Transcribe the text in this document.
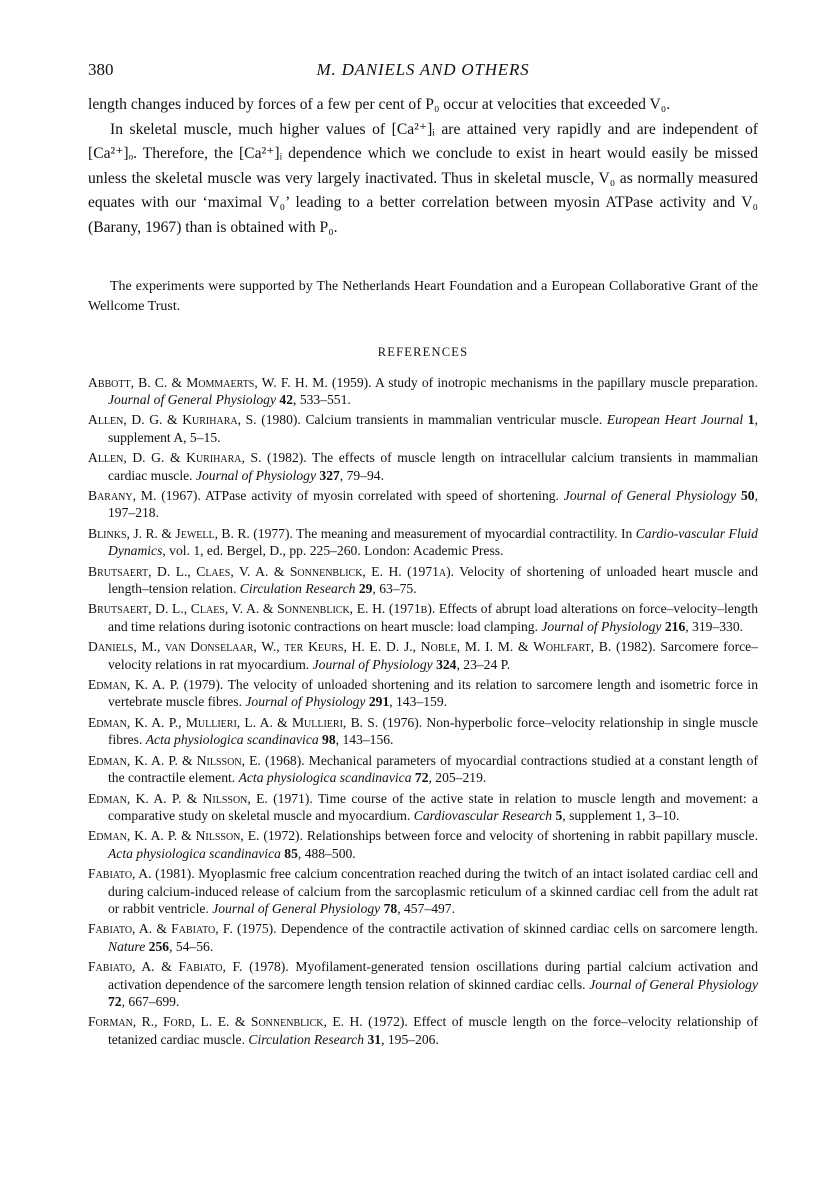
380	M. DANIELS AND OTHERS

length changes induced by forces of a few per cent of P₀ occur at velocities that exceeded V₀.

In skeletal muscle, much higher values of [Ca²⁺]ᵢ are attained very rapidly and are independent of [Ca²⁺]ₒ. Therefore, the [Ca²⁺]ᵢ dependence which we conclude to exist in heart would easily be missed unless the skeletal muscle was very largely inactivated. Thus in skeletal muscle, V₀ as normally measured equates with our ‘maximal V₀’ leading to a better correlation between myosin ATPase activity and V₀ (Barany, 1967) than is obtained with P₀.

The experiments were supported by The Netherlands Heart Foundation and a European Collaborative Grant of the Wellcome Trust.

REFERENCES

Abbott, B. C. & Mommaerts, W. F. H. M. (1959). A study of inotropic mechanisms in the papillary muscle preparation. Journal of General Physiology 42, 533–551.

Allen, D. G. & Kurihara, S. (1980). Calcium transients in mammalian ventricular muscle. European Heart Journal 1, supplement A, 5–15.

Allen, D. G. & Kurihara, S. (1982). The effects of muscle length on intracellular calcium transients in mammalian cardiac muscle. Journal of Physiology 327, 79–94.

Barany, M. (1967). ATPase activity of myosin correlated with speed of shortening. Journal of General Physiology 50, 197–218.

Blinks, J. R. & Jewell, B. R. (1977). The meaning and measurement of myocardial contractility. In Cardio-vascular Fluid Dynamics, vol. 1, ed. Bergel, D., pp. 225–260. London: Academic Press.

Brutsaert, D. L., Claes, V. A. & Sonnenblick, E. H. (1971a). Velocity of shortening of unloaded heart muscle and length–tension relation. Circulation Research 29, 63–75.

Brutsaert, D. L., Claes, V. A. & Sonnenblick, E. H. (1971b). Effects of abrupt load alterations on force–velocity–length and time relations during isotonic contractions on heart muscle: load clamping. Journal of Physiology 216, 319–330.

Daniels, M., van Donselaar, W., ter Keurs, H. E. D. J., Noble, M. I. M. & Wohlfart, B. (1982). Sarcomere force–velocity relations in rat myocardium. Journal of Physiology 324, 23–24 P.

Edman, K. A. P. (1979). The velocity of unloaded shortening and its relation to sarcomere length and isometric force in vertebrate muscle fibres. Journal of Physiology 291, 143–159.

Edman, K. A. P., Mullieri, L. A. & Mullieri, B. S. (1976). Non-hyperbolic force–velocity relationship in single muscle fibres. Acta physiologica scandinavica 98, 143–156.

Edman, K. A. P. & Nilsson, E. (1968). Mechanical parameters of myocardial contractions studied at a constant length of the contractile element. Acta physiologica scandinavica 72, 205–219.

Edman, K. A. P. & Nilsson, E. (1971). Time course of the active state in relation to muscle length and movement: a comparative study on skeletal muscle and myocardium. Cardiovascular Research 5, supplement 1, 3–10.

Edman, K. A. P. & Nilsson, E. (1972). Relationships between force and velocity of shortening in rabbit papillary muscle. Acta physiologica scandinavica 85, 488–500.

Fabiato, A. (1981). Myoplasmic free calcium concentration reached during the twitch of an intact isolated cardiac cell and during calcium-induced release of calcium from the sarcoplasmic reticulum of a skinned cardiac cell from the adult rat or rabbit ventricle. Journal of General Physiology 78, 457–497.

Fabiato, A. & Fabiato, F. (1975). Dependence of the contractile activation of skinned cardiac cells on sarcomere length. Nature 256, 54–56.

Fabiato, A. & Fabiato, F. (1978). Myofilament-generated tension oscillations during partial calcium activation and activation dependence of the sarcomere length tension relation of skinned cardiac cells. Journal of General Physiology 72, 667–699.

Forman, R., Ford, L. E. & Sonnenblick, E. H. (1972). Effect of muscle length on the force–velocity relationship of tetanized cardiac muscle. Circulation Research 31, 195–206.
